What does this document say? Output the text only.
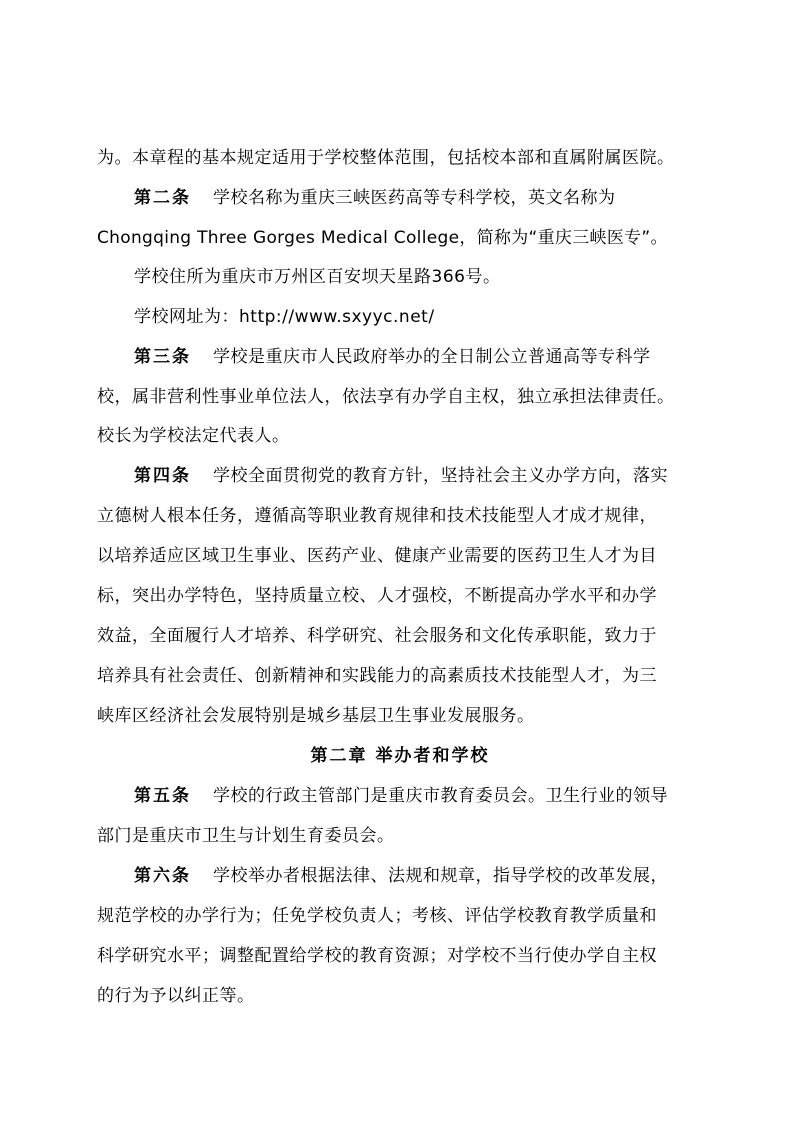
为。本章程的基本规定适用于学校整体范围，包括校本部和直属附属医院。
第二条 学校名称为重庆三峡医药高等专科学校，英文名称为
Chongqing Three Gorges Medical College，简称为“重庆三峡医专”。
学校住所为重庆市万州区百安坝天星路366号。
学校网址为：http://www.sxyyc.net/
第三条 学校是重庆市人民政府举办的全日制公立普通高等专科学
校，属非营利性事业单位法人，依法享有办学自主权，独立承担法律责任。
校长为学校法定代表人。
第四条 学校全面贯彻党的教育方针，坚持社会主义办学方向，落实
立德树人根本任务，遵循高等职业教育规律和技术技能型人才成才规律，
以培养适应区域卫生事业、医药产业、健康产业需要的医药卫生人才为目
标，突出办学特色，坚持质量立校、人才强校，不断提高办学水平和办学
效益，全面履行人才培养、科学研究、社会服务和文化传承职能，致力于
培养具有社会责任、创新精神和实践能力的高素质技术技能型人才，为三
峡库区经济社会发展特别是城乡基层卫生事业发展服务。
第二章 举办者和学校
第五条 学校的行政主管部门是重庆市教育委员会。卫生行业的领导
部门是重庆市卫生与计划生育委员会。
第六条 学校举办者根据法律、法规和规章，指导学校的改革发展，
规范学校的办学行为；任免学校负责人；考核、评估学校教育教学质量和
科学研究水平；调整配置给学校的教育资源；对学校不当行使办学自主权
的行为予以纠正等。
